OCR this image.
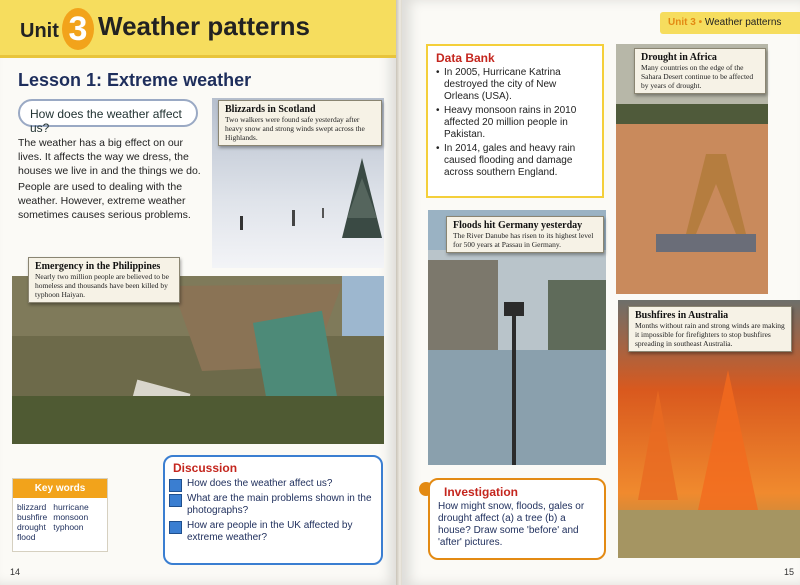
Unit 3 Weather patterns
Lesson 1: Extreme weather
How does the weather affect us?

The weather has a big effect on our lives. It affects the way we dress, the houses we live in and the things we do.

People are used to dealing with the weather. However, extreme weather sometimes causes serious problems.

Blizzards in Scotland
Two walkers were found safe yesterday after heavy snow and strong winds swept across the Highlands.
Emergency in the Philippines
Nearly two million people are believed to be homeless and thousands have been killed by typhoon Haiyan.
Key words
blizzard
bushfire
drought
flood
hurricane
monsoon
typhoon
Discussion
How does the weather affect us?
What are the main problems shown in the photographs?
How are people in the UK affected by extreme weather?
14
Unit 3 • Weather patterns
Data Bank
• In 2005, Hurricane Katrina destroyed the city of New Orleans (USA).
• Heavy monsoon rains in 2010 affected 20 million people in Pakistan.
• In 2014, gales and heavy rain caused flooding and damage across southern England.
Drought in Africa
Many countries on the edge of the Sahara Desert continue to be affected by years of drought.
Floods hit Germany yesterday
The River Danube has risen to its highest level for 500 years at Passau in Germany.
Bushfires in Australia
Months without rain and strong winds are making it impossible for firefighters to stop bushfires spreading in southeast Australia.
15
Investigation
How might snow, floods, gales or drought affect (a) a tree (b) a house? Draw some 'before' and 'after' pictures.
